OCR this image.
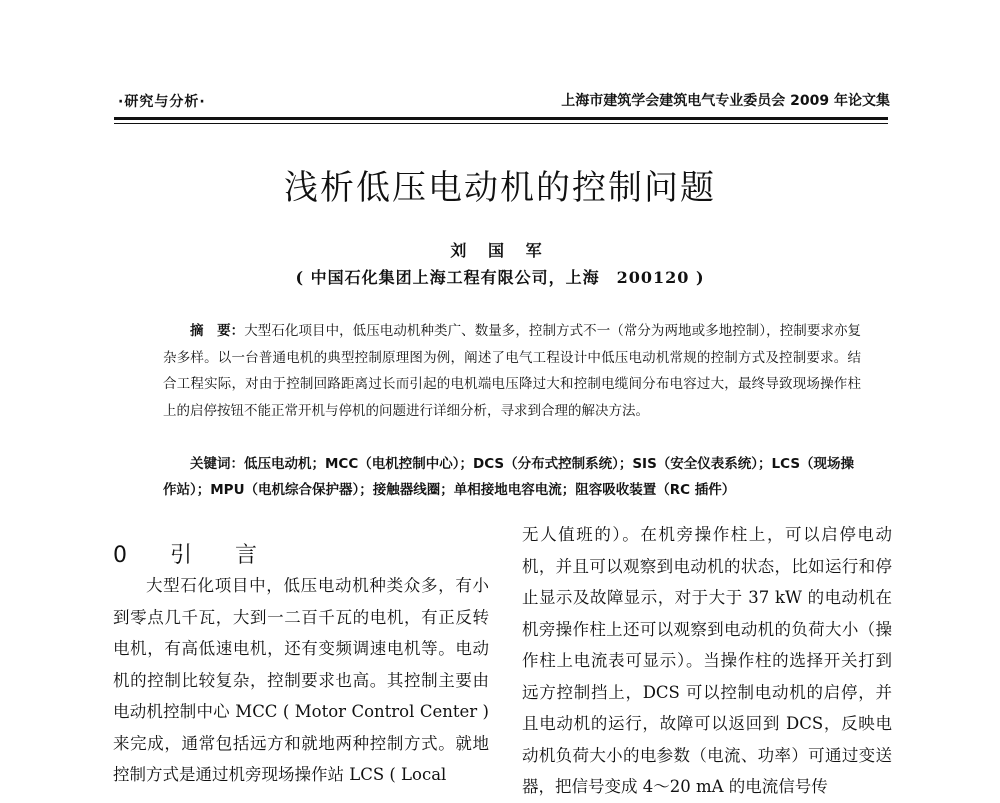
·研究与分析·	上海市建筑学会建筑电气专业委员会 2009 年论文集
浅析低压电动机的控制问题
刘 国 军
( 中国石化集团上海工程有限公司，上海　200120 )

摘　要：大型石化项目中，低压电动机种类广、数量多，控制方式不一（常分为两地或多地控制），控制要求亦复杂多样。以一台普通电机的典型控制原理图为例，阐述了电气工程设计中低压电动机常规的控制方式及控制要求。结合工程实际，对由于控制回路距离过长而引起的电机端电压降过大和控制电缆间分布电容过大，最终导致现场操作柱上的启停按钮不能正常开机与停机的问题进行详细分析，寻求到合理的解决方法。

关键词：低压电动机；MCC（电机控制中心）；DCS（分布式控制系统）；SIS（安全仪表系统）；LCS（现场操作站）；MPU（电机综合保护器）；接触器线圈；单相接地电容电流；阻容吸收装置（RC 插件）

0 引 言

大型石化项目中，低压电动机种类众多，有小到零点几千瓦，大到一二百千瓦的电机，有正反转电机，有高低速电机，还有变频调速电机等。电动机的控制比较复杂，控制要求也高。其控制主要由电动机控制中心 MCC ( Motor Control Center ) 来完成，通常包括远方和就地两种控制方式。就地控制方式是通过机旁现场操作站 LCS ( Local

无人值班的）。在机旁操作柱上，可以启停电动机，并且可以观察到电动机的状态，比如运行和停止显示及故障显示，对于大于 37 kW 的电动机在机旁操作柱上还可以观察到电动机的负荷大小（操作柱上电流表可显示）。当操作柱的选择开关打到远方控制挡上，DCS 可以控制电动机的启停，并且电动机的运行，故障可以返回到 DCS，反映电动机负荷大小的电参数（电流、功率）可通过变送器，把信号变成 4～20 mA 的电流信号传
